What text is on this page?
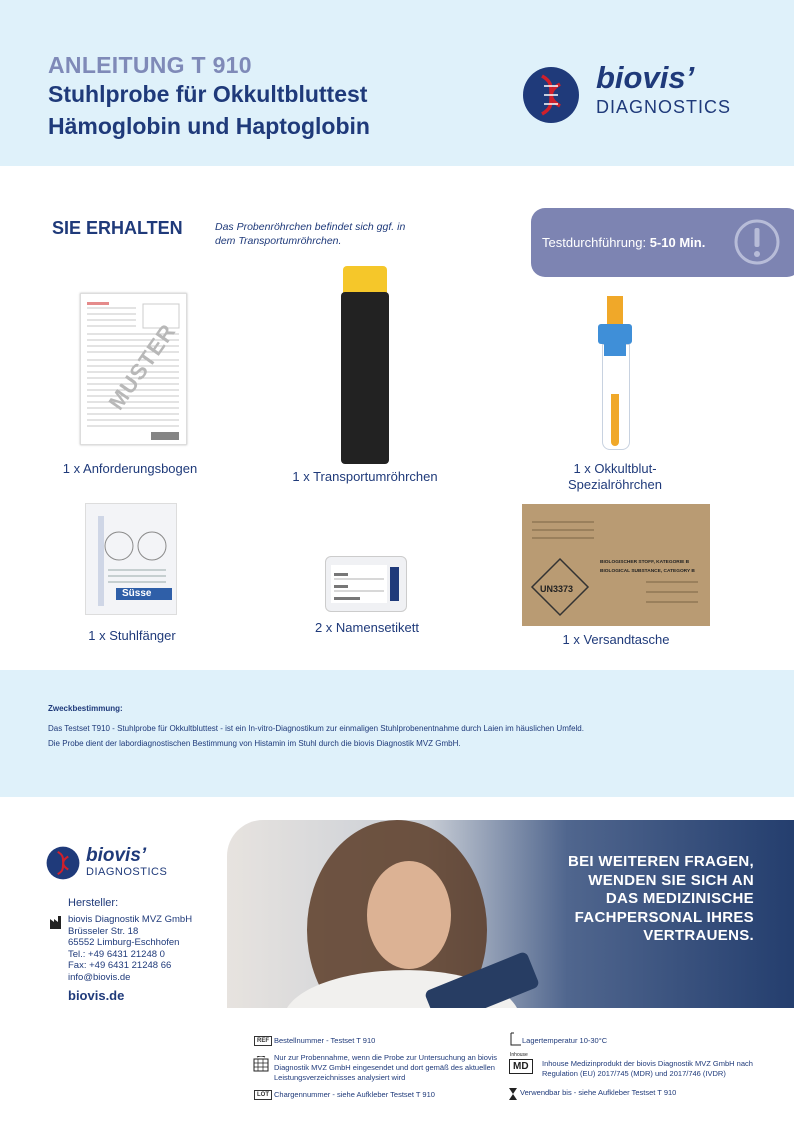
ANLEITUNG T 910
Stuhlprobe für Okkultbluttest
Hämoglobin und Haptoglobin
biovis’
DIAGNOSTICS
SIE ERHALTEN	Das Probenröhrchen befindet sich ggf. in dem Transportumröhrchen.	Testdurchführung: 5-10 Min.
MUSTER
1 x Anforderungsbogen
1 x Transportumröhrchen
1 x Okkultblut-
Spezialröhrchen
Süsse
1 x Stuhlfänger
2 x Namensetikett
UN3373
BIOLOGISCHER STOFF, KATEGORIE B
BIOLOGICAL SUBSTANCE, CATEGORY B
1 x Versandtasche
Zweckbestimmung:
Das Testset T910 - Stuhlprobe für Okkultbluttest - ist ein In-vitro-Diagnostikum zur einmaligen Stuhlprobenentnahme durch Laien im häuslichen Umfeld.
Die Probe dient der labordiagnostischen Bestimmung von Histamin im Stuhl durch die biovis Diagnostik MVZ GmbH.
biovis’
DIAGNOSTICS
Hersteller:
biovis Diagnostik MVZ GmbH
Brüsseler Str. 18
65552 Limburg-Eschhofen
Tel.: +49 6431 21248 0
Fax: +49 6431 21248 66
info@biovis.de
biovis.de
BEI WEITEREN FRAGEN,
WENDEN SIE SICH AN
DAS MEDIZINISCHE
FACHPERSONAL IHRES
VERTRAUENS.
REF Bestellnummer - Testset T 910
Nur zur Probennahme, wenn die Probe zur Untersuchung an biovis Diagnostik MVZ GmbH eingesendet und dort gemäß des aktuellen Leistungsverzeichnisses analysiert wird
LOT Chargennummer - siehe Aufkleber Testset T 910
Lagertemperatur 10-30°C
Inhouse
MD	Inhouse Medizinprodukt der biovis Diagnostik MVZ GmbH nach Regulation (EU) 2017/745 (MDR) und 2017/746 (IVDR)
Verwendbar bis - siehe Aufkleber Testset T 910
